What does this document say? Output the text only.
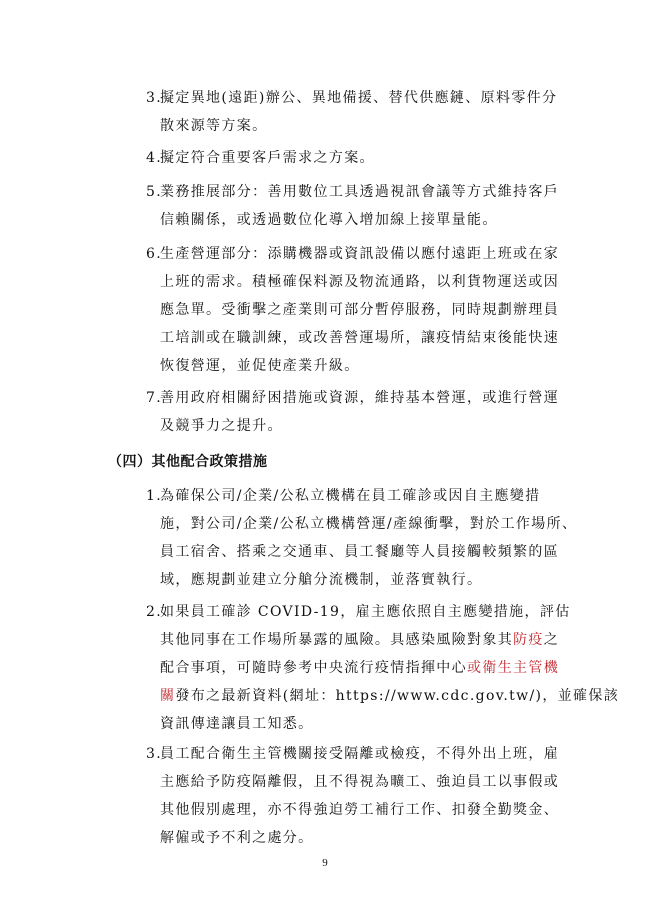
3.擬定異地(遠距)辦公、異地備援、替代供應鏈、原料零件分
散來源等方案。
4.擬定符合重要客戶需求之方案。
5.業務推展部分：善用數位工具透過視訊會議等方式維持客戶
信賴關係，或透過數位化導入增加線上接單量能。
6.生產營運部分：添購機器或資訊設備以應付遠距上班或在家
上班的需求。積極確保料源及物流通路，以利貨物運送或因
應急單。受衝擊之產業則可部分暫停服務，同時規劃辦理員
工培訓或在職訓練，或改善營運場所，讓疫情結束後能快速
恢復營運，並促使產業升級。
7.善用政府相關紓困措施或資源，維持基本營運，或進行營運
及競爭力之提升。
（四）其他配合政策措施
1.為確保公司/企業/公私立機構在員工確診或因自主應變措
施，對公司/企業/公私立機構營運/產線衝擊，對於工作場所、
員工宿舍、搭乘之交通車、員工餐廳等人員接觸較頻繁的區
域，應規劃並建立分艙分流機制，並落實執行。
2.如果員工確診 COVID-19，雇主應依照自主應變措施，評估
其他同事在工作場所暴露的風險。具感染風險對象其防疫之
配合事項，可隨時參考中央流行疫情指揮中心或衛生主管機
關發布之最新資料(網址：https://www.cdc.gov.tw/)，並確保該
資訊傳達讓員工知悉。
3.員工配合衛生主管機關接受隔離或檢疫，不得外出上班，雇
主應給予防疫隔離假，且不得視為曠工、強迫員工以事假或
其他假別處理，亦不得強迫勞工補行工作、扣發全勤獎金、
解僱或予不利之處分。
9
